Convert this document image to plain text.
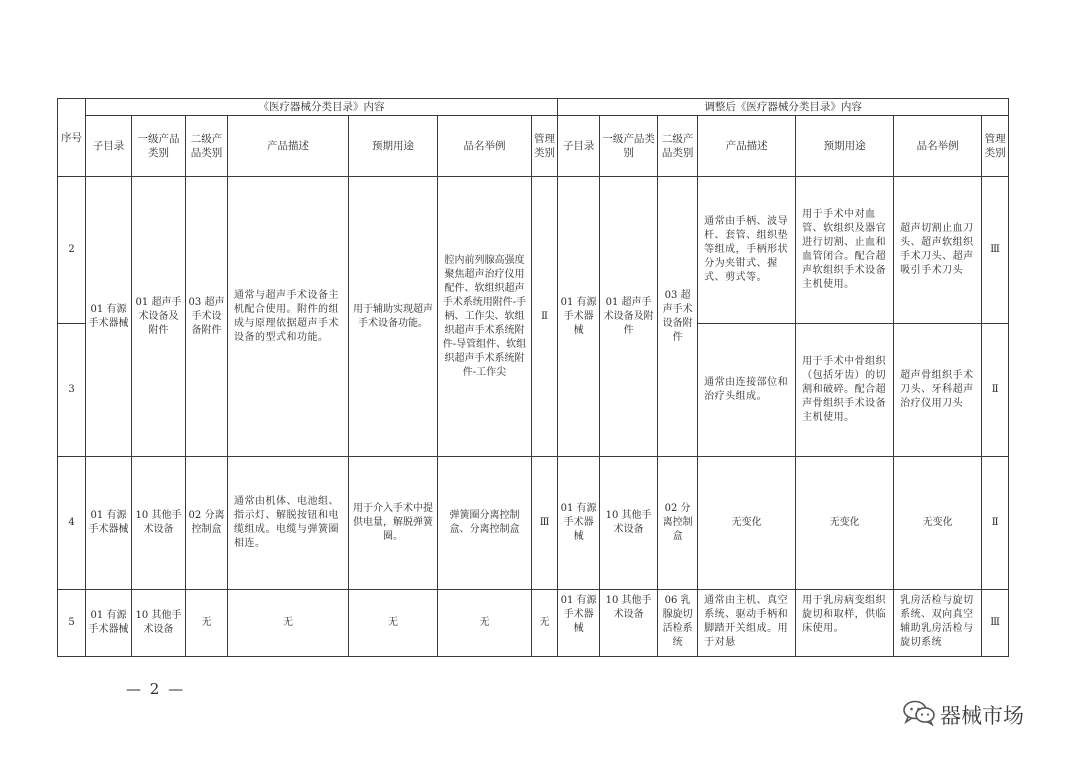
序号	《医疗器械分类目录》内容							调整后《医疗器械分类目录》内容						
	子目录	一级产品类别	二级产品类别	产品描述	预期用途	品名举例	管理类别	子目录	一级产品类别	二级产品类别	产品描述	预期用途	品名举例	管理类别
2	01 有源手术器械	01 超声手术设备及附件	03 超声手术设备附件	通常与超声手术设备主机配合使用。附件的组成与原理依据超声手术设备的型式和功能。	用于辅助实现超声手术设备功能。	腔内前列腺高强度聚焦超声治疗仪用配件、软组织超声手术系统用附件-手柄、工作尖、软组织超声手术系统附件-导管组件、软组织超声手术系统附件-工作尖	Ⅱ	01 有源手术器械	01 超声手术设备及附件	03 超声手术设备附件	通常由手柄、波导杆、套管、组织垫等组成，手柄形状分为夹钳式、握式、剪式等。	用于手术中对血管、软组织及器官进行切割、止血和血管闭合。配合超声软组织手术设备主机使用。	超声切割止血刀头、超声软组织手术刀头、超声吸引手术刀头	Ⅲ
3											通常由连接部位和治疗头组成。	用于手术中骨组织（包括牙齿）的切割和破碎。配合超声骨组织手术设备主机使用。	超声骨组织手术刀头、牙科超声治疗仪用刀头	Ⅱ
4	01 有源手术器械	10 其他手术设备	02 分离控制盒	通常由机体、电池组、指示灯、解脱按钮和电缆组成。电缆与弹簧圈相连。	用于介入手术中提供电量，解脱弹簧圈。	弹簧圈分离控制盒、分离控制盒	Ⅲ	01 有源手术器械	10 其他手术设备	02 分离控制盒	无变化	无变化	无变化	Ⅱ
5	01 有源手术器械	10 其他手术设备	无	无	无	无	无	01 有源手术器械	10 其他手术设备	06 乳腺旋切活检系统	通常由主机、真空系统、驱动手柄和脚踏开关组成。用于对悬	用于乳房病变组织旋切和取样，供临床使用。	乳房活检与旋切系统、双向真空辅助乳房活检与旋切系统	Ⅲ
— 2 —
器械市场
